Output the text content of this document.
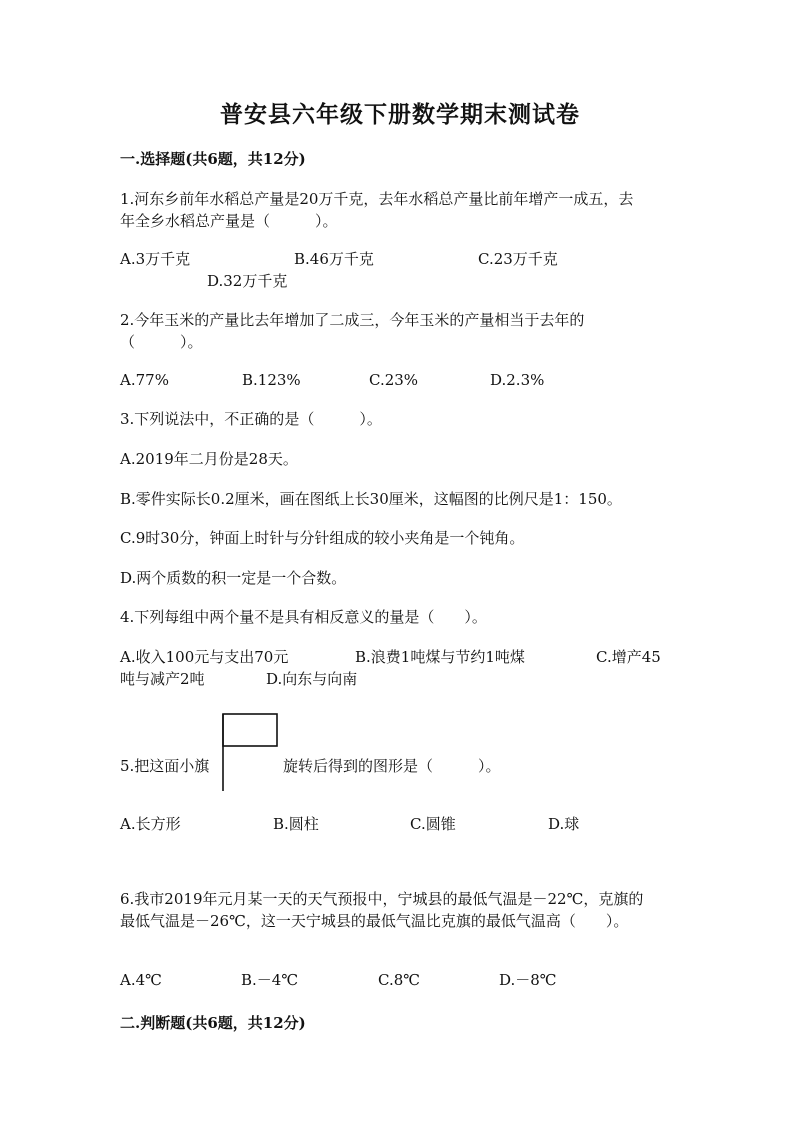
普安县六年级下册数学期末测试卷
一.选择题(共6题，共12分)
1.河东乡前年水稻总产量是20万千克，去年水稻总产量比前年增产一成五，去
年全乡水稻总产量是（　　　）。
A.3万千克	B.46万千克	C.23万千克
D.32万千克
2.今年玉米的产量比去年增加了二成三，今年玉米的产量相当于去年的
（　　　）。
A.77%	B.123%	C.23%	D.2.3%
3.下列说法中，不正确的是（　　　）。
A.2019年二月份是28天。
B.零件实际长0.2厘米，画在图纸上长30厘米，这幅图的比例尺是1：150。
C.9时30分，钟面上时针与分针组成的较小夹角是一个钝角。
D.两个质数的积一定是一个合数。
4.下列每组中两个量不是具有相反意义的量是（　　）。
A.收入100元与支出70元	B.浪费1吨煤与节约1吨煤	C.增产45
吨与减产2吨	D.向东与向南
5.把这面小旗	旋转后得到的图形是（　　　）。
A.长方形	B.圆柱	C.圆锥	D.球
6.我市2019年元月某一天的天气预报中，宁城县的最低气温是－22℃，克旗的
最低气温是－26℃，这一天宁城县的最低气温比克旗的最低气温高（　　）。
A.4℃	B.－4℃	C.8℃	D.－8℃
二.判断题(共6题，共12分)
